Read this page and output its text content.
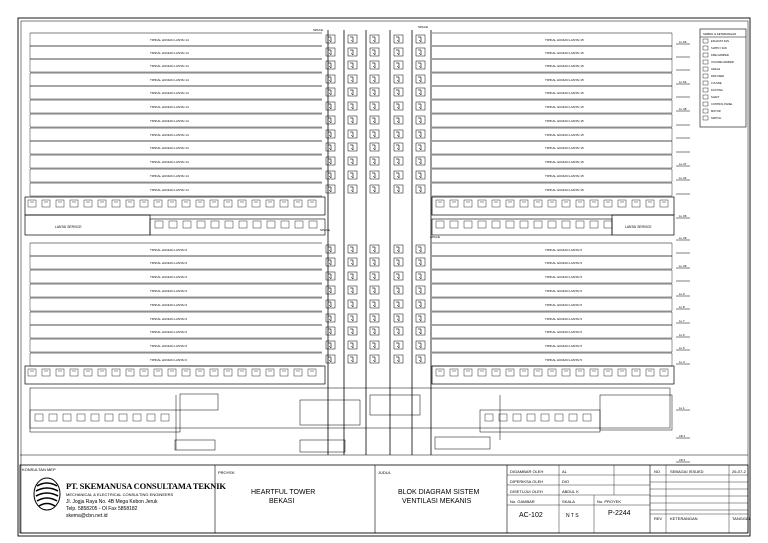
TIPIKAL HUNIAN LANTAI 14	TIPIKAL HUNIAN LANTAI 15
TIPIKAL HUNIAN LANTAI 14	TIPIKAL HUNIAN LANTAI 15
TIPIKAL HUNIAN LANTAI 14	TIPIKAL HUNIAN LANTAI 15
TIPIKAL HUNIAN LANTAI 14	TIPIKAL HUNIAN LANTAI 15
TIPIKAL HUNIAN LANTAI 14	TIPIKAL HUNIAN LANTAI 15
TIPIKAL HUNIAN LANTAI 14	TIPIKAL HUNIAN LANTAI 15
TIPIKAL HUNIAN LANTAI 14	TIPIKAL HUNIAN LANTAI 15
TIPIKAL HUNIAN LANTAI 14	TIPIKAL HUNIAN LANTAI 15
TIPIKAL HUNIAN LANTAI 14	TIPIKAL HUNIAN LANTAI 15
TIPIKAL HUNIAN LANTAI 14	TIPIKAL HUNIAN LANTAI 15
TIPIKAL HUNIAN LANTAI 14	TIPIKAL HUNIAN LANTAI 15
TIPIKAL HUNIAN LANTAI 14	TIPIKAL HUNIAN LANTAI 15
SPACE
SPACE
LANTAI SERVICE	LANTAI SERVICE
SPACE
SPACE
TIPIKAL HUNIAN LANTAI 6	TIPIKAL HUNIAN LANTAI 5
TIPIKAL HUNIAN LANTAI 6	TIPIKAL HUNIAN LANTAI 5
TIPIKAL HUNIAN LANTAI 6	TIPIKAL HUNIAN LANTAI 5
TIPIKAL HUNIAN LANTAI 6	TIPIKAL HUNIAN LANTAI 5
TIPIKAL HUNIAN LANTAI 6	TIPIKAL HUNIAN LANTAI 5
TIPIKAL HUNIAN LANTAI 6	TIPIKAL HUNIAN LANTAI 5
TIPIKAL HUNIAN LANTAI 6	TIPIKAL HUNIAN LANTAI 5
TIPIKAL HUNIAN LANTAI 6	TIPIKAL HUNIAN LANTAI 5
TIPIKAL HUNIAN LANTAI 6	TIPIKAL HUNIAN LANTAI 5
LL 66
LL 54
LL 48
LL 37
LL 32
LL 36
LL 39
LL 39
LL 9
LL 8
LL 7
LL 6
LL 5
LL 3
LL 1
LB 1
LB 2
SIMBOL & KETERANGAN
EXHAUST FAN
SUPPLY FAN
FIRE DAMPER
VOLUME DAMPER
GRILLE
DIFFUSER
LOUVRE
DUCTING
SHAFT
CONTROL PANEL
MOTOR
SWITCH
KONSULTAN MEP
PT. SKEMANUSA CONSULTAMA TEKNIK
MECHANICAL & ELECTRICAL CONSULTING ENGINEERS
Jl. Jogja Raya No. 4B Mega Kebon Jeruk
Telp. 5858205 - Ol Fax 5858182
skema@cbn.net.id
PROYEK
HEARTFUL TOWER
BEKASI
JUDUL
BLOK DIAGRAM SISTEM
VENTILASI MEKANIS
DIGAMBAR OLEH	AL
DIPERIKSA OLEH	DIO
DISETUJUI OLEH	ABDUL K
No. GAMBAR	SKALA	No. PROYEK
AC-102	N T S	P-2244
NO	SEBAGAI ISSUED	26-07-2
REV KETERANGAN	TANGGAL
